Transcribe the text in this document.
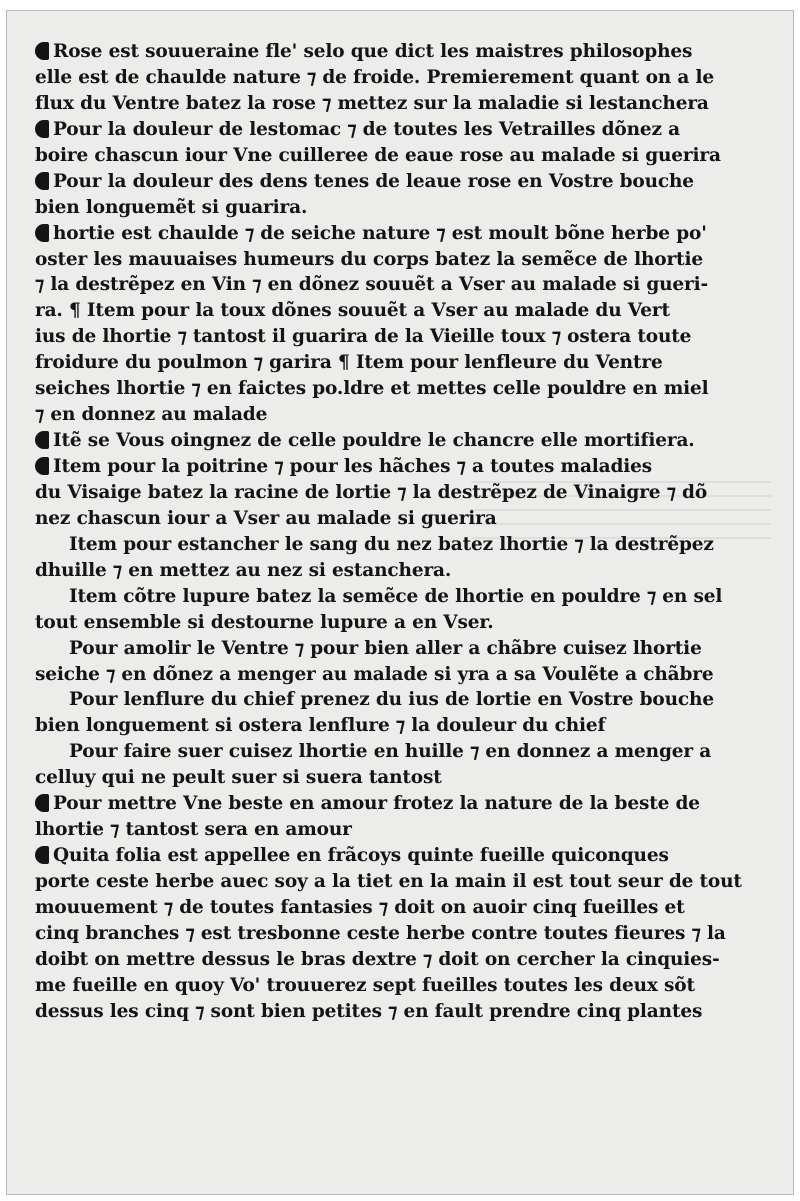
Rose est souueraine fle' selo que dict les maistres philosophes
elle est de chaulde nature ⁊ de froide. Premierement quant on a le
flux du Ventre batez la rose ⁊ mettez sur la maladie si lestanchera
Pour la douleur de lestomac ⁊ de toutes les Vetrailles dõnez a
boire chascun iour Vne cuilleree de eaue rose au malade si guerira
Pour la douleur des dens tenes de leaue rose en Vostre bouche
bien longuemẽt si guarira.
hortie est chaulde ⁊ de seiche nature ⁊ est moult bõne herbe po'
oster les mauuaises humeurs du corps batez la semẽce de lhortie
⁊ la destrẽpez en Vin ⁊ en dõnez souuẽt a Vser au malade si gueri-
ra. ¶ Item pour la toux dõnes souuẽt a Vser au malade du Vert
ius de lhortie ⁊ tantost il guarira de la Vieille toux ⁊ ostera toute
froidure du poulmon ⁊ garira ¶ Item pour lenfleure du Ventre
seiches lhortie ⁊ en faictes po.ldre et mettes celle pouldre en miel
⁊ en donnez au malade
Itẽ se Vous oingnez de celle pouldre le chancre elle mortifiera.
Item pour la poitrine ⁊ pour les hãches ⁊ a toutes maladies
du Visaige batez la racine de lortie ⁊ la destrẽpez de Vinaigre ⁊ dõ
nez chascun iour a Vser au malade si guerira
Item pour estancher le sang du nez batez lhortie ⁊ la destrẽpez
dhuille ⁊ en mettez au nez si estanchera.
Item cõtre lupure batez la semẽce de lhortie en pouldre ⁊ en sel
tout ensemble si destourne lupure a en Vser.
Pour amolir le Ventre ⁊ pour bien aller a chãbre cuisez lhortie
seiche ⁊ en dõnez a menger au malade si yra a sa Voulẽte a chãbre
Pour lenflure du chief prenez du ius de lortie en Vostre bouche
bien longuement si ostera lenflure ⁊ la douleur du chief
Pour faire suer cuisez lhortie en huille ⁊ en donnez a menger a
celluy qui ne peult suer si suera tantost
Pour mettre Vne beste en amour frotez la nature de la beste de
lhortie ⁊ tantost sera en amour
Quita folia est appellee en frãcoys quinte fueille quiconques
porte ceste herbe auec soy a la tiet en la main il est tout seur de tout
mouuement ⁊ de toutes fantasies ⁊ doit on auoir cinq fueilles et
cinq branches ⁊ est tresbonne ceste herbe contre toutes fieures ⁊ la
doibt on mettre dessus le bras dextre ⁊ doit on cercher la cinquies-
me fueille en quoy Vo' trouuerez sept fueilles toutes les deux sõt
dessus les cinq ⁊ sont bien petites ⁊ en fault prendre cinq plantes
